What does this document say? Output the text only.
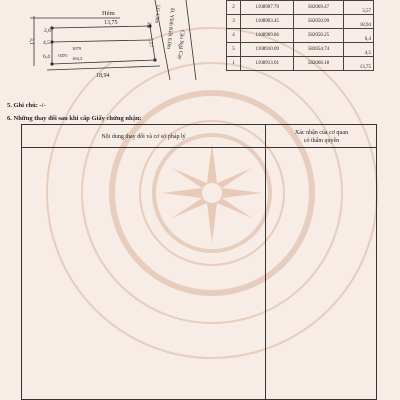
Hẻm
13,75
18,94
2,6
4,5
6,4
3,1
1079
ODT:
104,3
LG 1,5m
5,57
2,6	Đ. Vĩnh Kiết 6,0m Cầu Ngã Cạy
2	1108907.79	582069.47	3,57
3	1108903.45	582050.99	18,94
4	1108909.86	582050.25	6,4
5	1108910.09	582054.74	4,5
1	1108913.01	582068.18	13,75
5. Ghi chú: -/-
6. Những thay đổi sau khi cấp Giấy chứng nhận:
Nội dung thay đổi và cơ sở pháp lý
Xác nhận của cơ quan
có thẩm quyền
